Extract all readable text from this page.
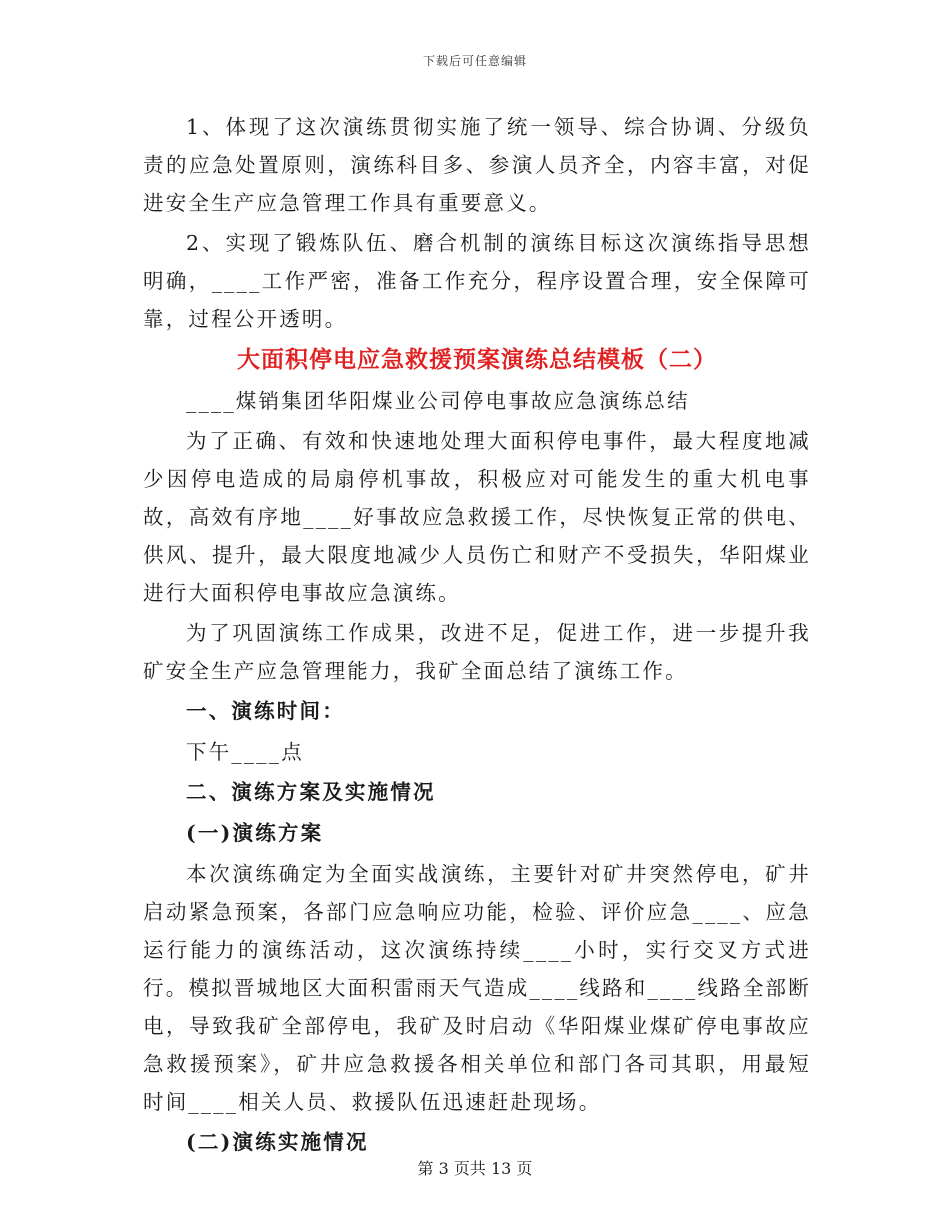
下载后可任意编辑

1、体现了这次演练贯彻实施了统一领导、综合协调、分级负责的应急处置原则，演练科目多、参演人员齐全，内容丰富，对促进安全生产应急管理工作具有重要意义。

2、实现了锻炼队伍、磨合机制的演练目标这次演练指导思想明确，____工作严密，准备工作充分，程序设置合理，安全保障可靠，过程公开透明。

大面积停电应急救援预案演练总结模板（二）

____煤销集团华阳煤业公司停电事故应急演练总结

为了正确、有效和快速地处理大面积停电事件，最大程度地减少因停电造成的局扇停机事故，积极应对可能发生的重大机电事故，高效有序地____好事故应急救援工作，尽快恢复正常的供电、供风、提升，最大限度地减少人员伤亡和财产不受损失，华阳煤业进行大面积停电事故应急演练。

为了巩固演练工作成果，改进不足，促进工作，进一步提升我矿安全生产应急管理能力，我矿全面总结了演练工作。

一、演练时间：

下午____点

二、演练方案及实施情况

(一)演练方案

本次演练确定为全面实战演练，主要针对矿井突然停电，矿井启动紧急预案，各部门应急响应功能，检验、评价应急____、应急运行能力的演练活动，这次演练持续____小时，实行交叉方式进行。模拟晋城地区大面积雷雨天气造成____线路和____线路全部断电，导致我矿全部停电，我矿及时启动《华阳煤业煤矿停电事故应急救援预案》，矿井应急救援各相关单位和部门各司其职，用最短时间____相关人员、救援队伍迅速赶赴现场。

(二)演练实施情况

第 3 页共 13 页
